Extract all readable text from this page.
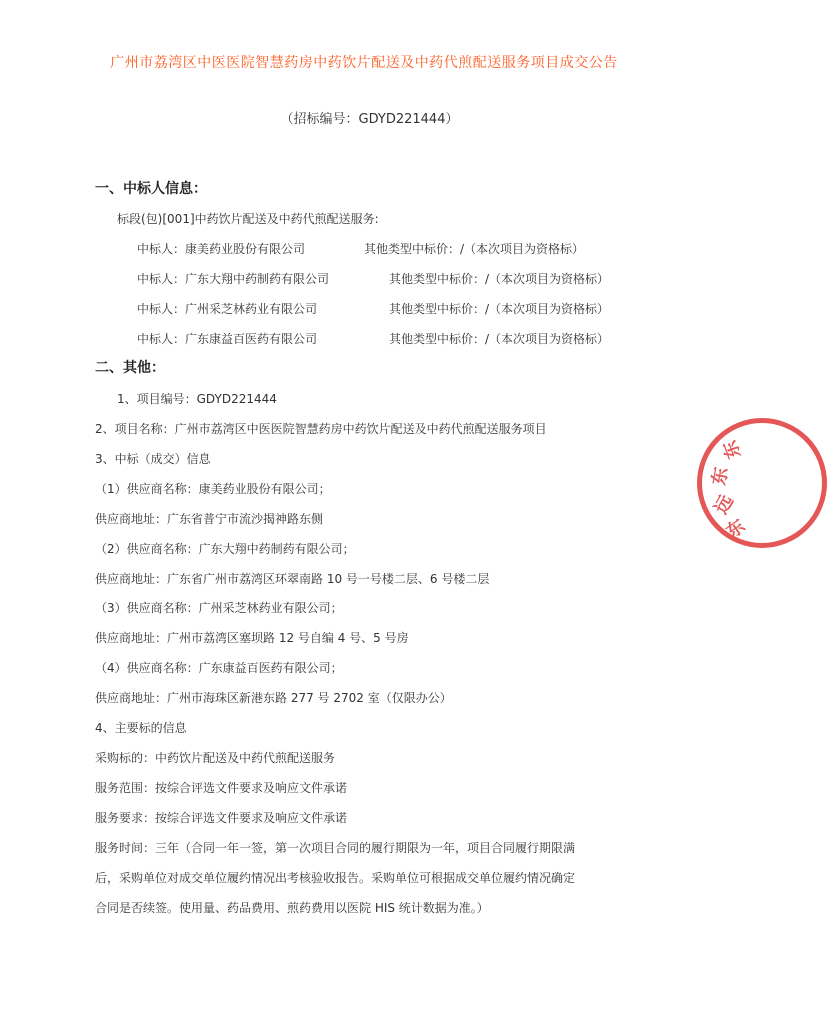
广州市荔湾区中医医院智慧药房中药饮片配送及中药代煎配送服务项目成交公告
（招标编号：GDYD221444）
一、中标人信息：
标段(包)[001]中药饮片配送及中药代煎配送服务:
中标人：康美药业股份有限公司	其他类型中标价：/（本次项目为资格标）
中标人：广东大翔中药制药有限公司	其他类型中标价：/（本次项目为资格标）
中标人：广州采芝林药业有限公司	其他类型中标价：/（本次项目为资格标）
中标人：广东康益百医药有限公司	其他类型中标价：/（本次项目为资格标）
二、其他：
1、项目编号：GDYD221444
2、项目名称：广州市荔湾区中医医院智慧药房中药饮片配送及中药代煎配送服务项目
3、中标（成交）信息
（1）供应商名称：康美药业股份有限公司；
供应商地址：广东省普宁市流沙揭神路东侧
（2）供应商名称：广东大翔中药制药有限公司；
供应商地址：广东省广州市荔湾区环翠南路 10 号一号楼二层、6 号楼二层
（3）供应商名称：广州采芝林药业有限公司；
供应商地址：广州市荔湾区塞坝路 12 号自编 4 号、5 号房
（4）供应商名称：广东康益百医药有限公司；
供应商地址：广州市海珠区新港东路 277 号 2702 室（仅限办公）
4、主要标的信息
采购标的：中药饮片配送及中药代煎配送服务
服务范围：按综合评选文件要求及响应文件承诺
服务要求：按综合评选文件要求及响应文件承诺
服务时间：三年（合同一年一签，第一次项目合同的履行期限为一年，项目合同履行期限满
后，采购单位对成交单位履约情况出考核验收报告。采购单位可根据成交单位履约情况确定
合同是否续签。使用量、药品费用、煎药费用以医院 HIS 统计数据为准。）
东
远
东
东
